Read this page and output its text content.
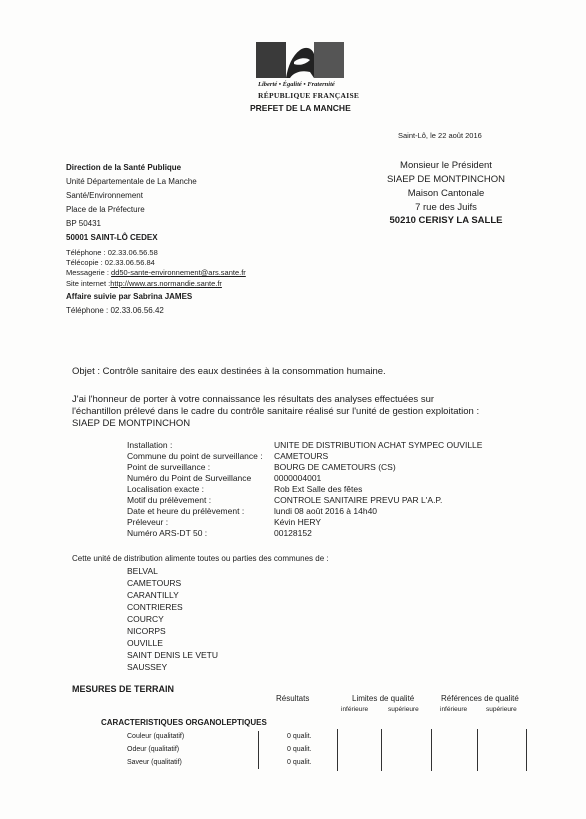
Liberté • Égalité • Fraternité
RÉPUBLIQUE FRANÇAISE
PREFET DE LA MANCHE
Saint-Lô, le 22 août 2016
Direction de la Santé Publique
Unité Départementale de La Manche
Santé/Environnement
Place de la Préfecture
BP 50431
50001 SAINT-LÔ CEDEX
Téléphone : 02.33.06.56.58
Télécopie : 02.33.06.56.84
Messagerie : dd50-sante-environnement@ars.sante.fr
Site internet :http://www.ars.normandie.sante.fr
Affaire suivie par Sabrina JAMES
Téléphone : 02.33.06.56.42
Monsieur le Président
SIAEP DE MONTPINCHON
Maison Cantonale
7 rue des Juifs
50210 CERISY LA SALLE
Objet : Contrôle sanitaire des eaux destinées à la consommation humaine.
J'ai l'honneur de porter à votre connaissance les résultats des analyses effectuées sur
l'échantillon prélevé dans le cadre du contrôle sanitaire réalisé sur l'unité de gestion exploitation :
SIAEP DE MONTPINCHON
Installation :	UNITE DE DISTRIBUTION ACHAT SYMPEC OUVILLE
Commune du point de surveillance : CAMETOURS
Point de surveillance :	BOURG DE CAMETOURS (CS)
Numéro du Point de Surveillance	0000004001
Localisation exacte :	Rob Ext Salle des fêtes
Motif du prélèvement :	CONTROLE SANITAIRE PREVU PAR L'A.P.
Date et heure du prélèvement :	lundi 08 août 2016 à 14h40
Préleveur :	Kévin HERY
Numéro ARS-DT 50 :	00128152
Cette unité de distribution alimente toutes ou parties des communes de :
BELVAL
CAMETOURS
CARANTILLY
CONTRIERES
COURCY
NICORPS
OUVILLE
SAINT DENIS LE VETU
SAUSSEY
MESURES DE TERRAIN
Résultats	Limites de qualité	Références de qualité
inférieure	supérieure	inférieure	supérieure
CARACTERISTIQUES ORGANOLEPTIQUES
Couleur (qualitatif)	0 qualit.
Odeur (qualitatif)	0 qualit.
Saveur (qualitatif)	0 qualit.
